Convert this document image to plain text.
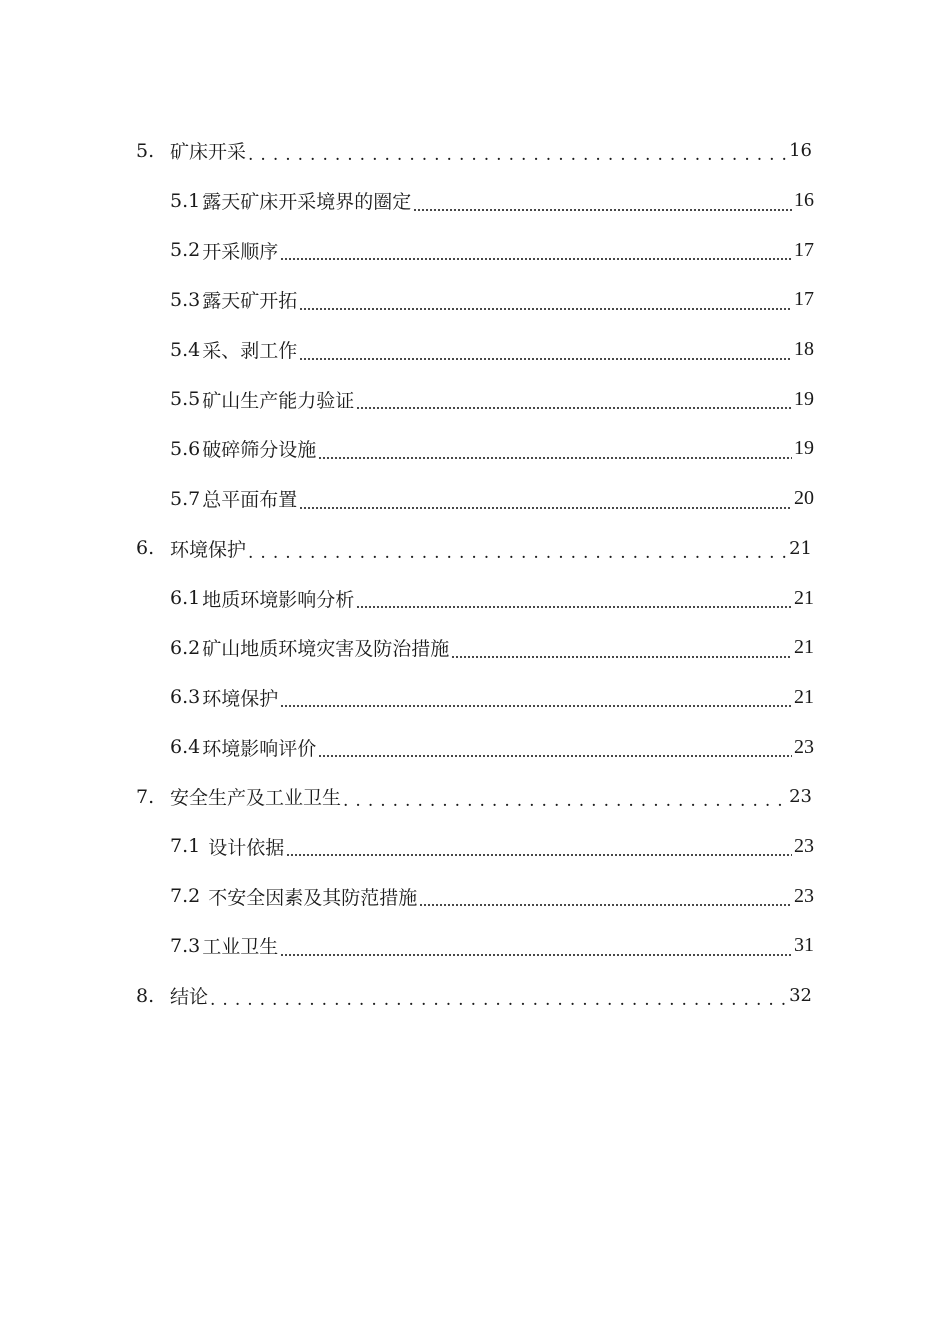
5. 矿床开采 . . .	16
5.1 露天矿床开采境界的圈定	16
5.2 开采顺序	17
5.3 露天矿开拓	17
5.4 采、剥工作	18
5.5 矿山生产能力验证	19
5.6 破碎筛分设施	19
5.7 总平面布置	20
6. 环境保护 . . .	21
6.1 地质环境影响分析	21
6.2 矿山地质环境灾害及防治措施	21
6.3 环境保护	21
6.4 环境影响评价	23
7. 安全生产及工业卫生 . . .	23
7.1 设计依据	23
7.2 不安全因素及其防范措施	23
7.3 工业卫生	31
8. 结论 . . .	32
